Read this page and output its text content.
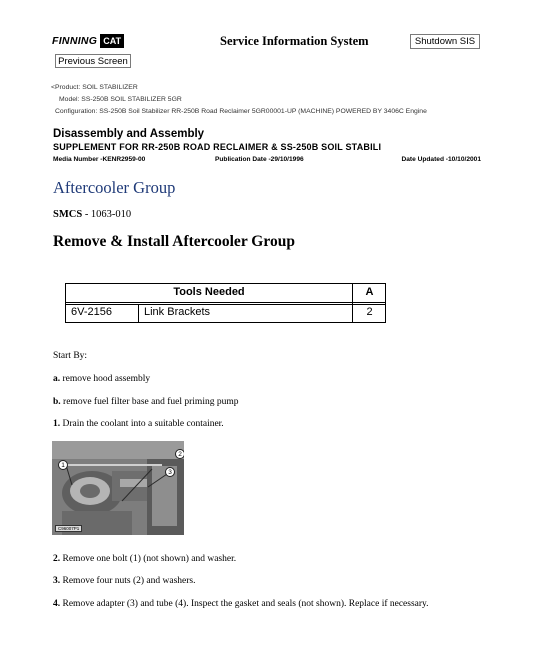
FINNING CAT	Service Information System	Shutdown SIS
Previous Screen
< Product: SOIL STABILIZER
Model: SS-250B SOIL STABILIZER 5GR
Configuration: SS-250B Soil Stabilizer RR-250B Road Reclaimer 5GR00001-UP (MACHINE) POWERED BY 3406C Engine
Disassembly and Assembly
SUPPLEMENT FOR RR-250B ROAD RECLAIMER & SS-250B SOIL STABILI
Media Number -KENR2959-00	Publication Date -29/10/1996	Date Updated -10/10/2001
Aftercooler Group
SMCS - 1063-010
Remove & Install Aftercooler Group
Tools Needed	A
6V-2156	Link Brackets	2
Start By:
a. remove hood assembly
b. remove fuel filter base and fuel priming pump
1. Drain the coolant into a suitable container.
1
2
3
C96007P1
2. Remove one bolt (1) (not shown) and washer.
3. Remove four nuts (2) and washers.
4. Remove adapter (3) and tube (4). Inspect the gasket and seals (not shown). Replace if necessary.
